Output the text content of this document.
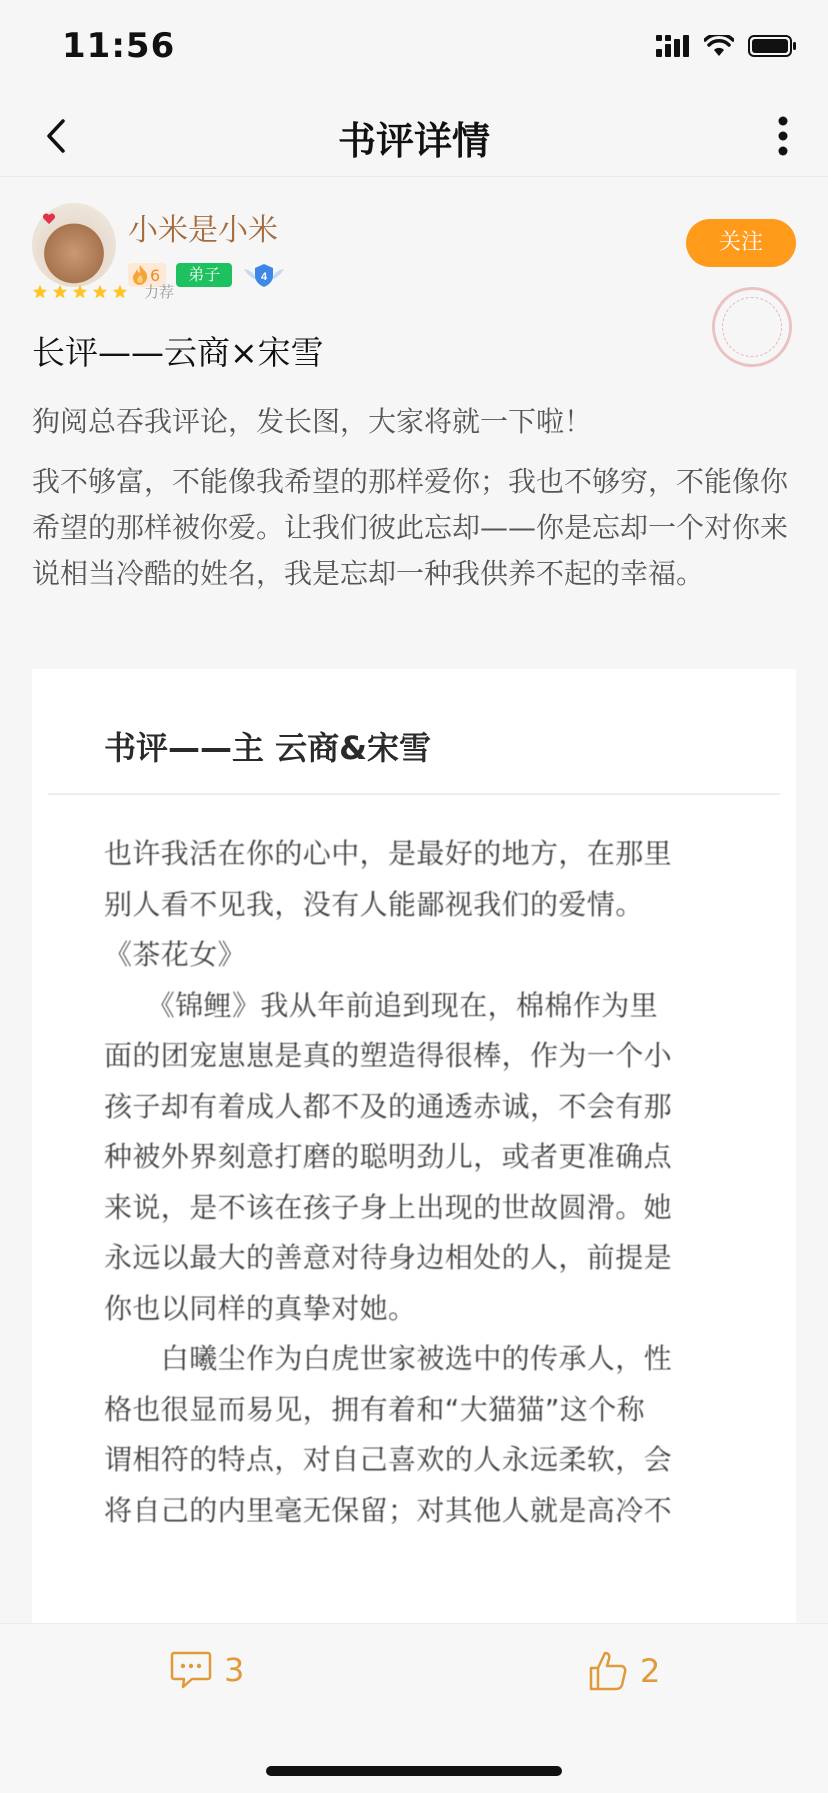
11:56
书评详情
小米是小米
6	弟子	4
关注
力荐
长评——云商×宋雪
狗阅总吞我评论，发长图，大家将就一下啦！
我不够富，不能像我希望的那样爱你；我也不够穷，不能像你希望的那样被你爱。让我们彼此忘却——你是忘却一个对你来说相当冷酷的姓名，我是忘却一种我供养不起的幸福。
书评——主 云商&宋雪
也许我活在你的心中，是最好的地方，在那里
别人看不见我，没有人能鄙视我们的爱情。
《茶花女》
　　《锦鲤》我从年前追到现在，棉棉作为里
面的团宠崽崽是真的塑造得很棒，作为一个小
孩子却有着成人都不及的通透赤诚，不会有那
种被外界刻意打磨的聪明劲儿，或者更准确点
来说，是不该在孩子身上出现的世故圆滑。她
永远以最大的善意对待身边相处的人，前提是
你也以同样的真挚对她。
　　白曦尘作为白虎世家被选中的传承人，性
格也很显而易见，拥有着和“大猫猫”这个称
谓相符的特点，对自己喜欢的人永远柔软，会
将自己的内里毫无保留；对其他人就是高冷不
3	2
